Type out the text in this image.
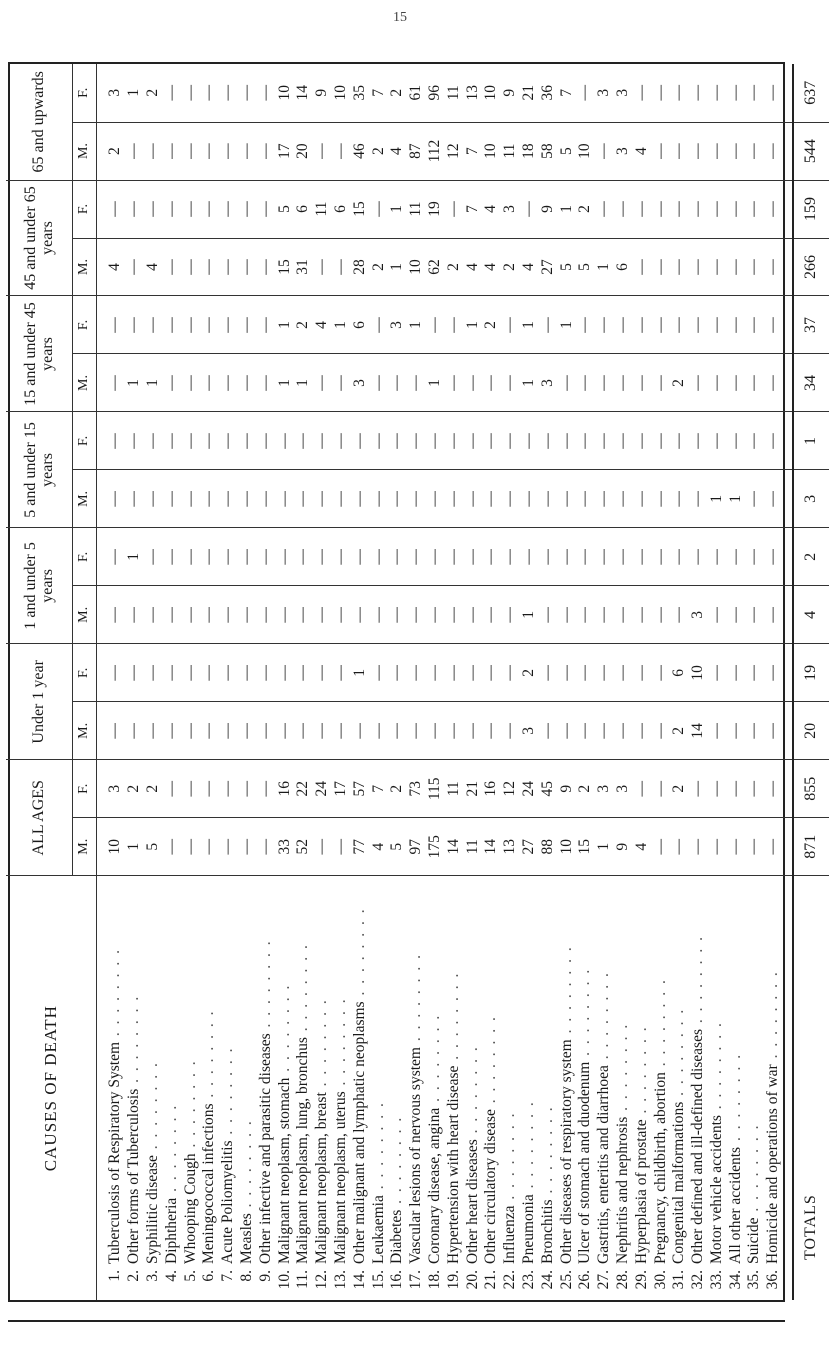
15
CAUSES OF DEATH	ALL AGES		Under 1 year		1 and under 5 years		5 and under 15 years		15 and under 45 years		45 and under 65 years		65 and upwards	
	M.	F.	M.	F.	M.	F.	M.	F.	M.	F.	M.	F.	M.	F.

1.Tuberculosis of Respiratory System . . . . . . . .	10	3	—	—	—	—	—	—	—	—	4	—	2	3
2.Other forms of Tuberculosis . . . . . . . .	1	2	—	—	—	1	—	—	1	—	—	—	—	1
3.Syphilitic disease . . . . . . . .	5	2	—	—	—	—	—	—	1	—	4	—	—	2
4.Diphtheria . . . . . . . .	—	—	—	—	—	—	—	—	—	—	—	—	—	—
5.Whooping Cough . . . . . . . .	—	—	—	—	—	—	—	—	—	—	—	—	—	—
6.Meningococcal infections . . . . . . . .	—	—	—	—	—	—	—	—	—	—	—	—	—	—
7.Acute Poliomyelitis . . . . . . . .	—	—	—	—	—	—	—	—	—	—	—	—	—	—
8.Measles . . . . . . . .	—	—	—	—	—	—	—	—	—	—	—	—	—	—
9.Other infective and parasitic diseases . . . . . . . .	—	—	—	—	—	—	—	—	—	—	—	—	—	—
10.Malignant neoplasm, stomach . . . . . . . .	33	16	—	—	—	—	—	—	1	1	15	5	17	10
11.Malignant neoplasm, lung, bronchus . . . . . . . .	52	22	—	—	—	—	—	—	1	2	31	6	20	14
12.Malignant neoplasm, breast . . . . . . . .	—	24	—	—	—	—	—	—	—	4	—	11	—	9
13.Malignant neoplasm, uterus . . . . . . . .	—	17	—	—	—	—	—	—	—	1	—	6	—	10
14.Other malignant and lymphatic neoplasms . . . . . . . .	77	57	—	1	—	—	—	—	3	6	28	15	46	35
15.Leukaemia . . . . . . . .	4	7	—	—	—	—	—	—	—	—	2	—	2	7
16.Diabetes . . . . . . . .	5	2	—	—	—	—	—	—	—	3	1	1	4	2
17.Vascular lesions of nervous system . . . . . . . .	97	73	—	—	—	—	—	—	—	1	10	11	87	61
18.Coronary disease, angina . . . . . . . .	175	115	—	—	—	—	—	—	1	—	62	19	112	96
19.Hypertension with heart disease . . . . . . . .	14	11	—	—	—	—	—	—	—	—	2	—	12	11
20.Other heart diseases . . . . . . . .	11	21	—	—	—	—	—	—	—	1	4	7	7	13
21.Other circulatory disease . . . . . . . .	14	16	—	—	—	—	—	—	—	2	4	4	10	10
22.Influenza . . . . . . . .	13	12	—	—	—	—	—	—	—	—	2	3	11	9
23.Pneumonia . . . . . . . .	27	24	3	2	1	—	—	—	1	1	4	—	18	21
24.Bronchitis . . . . . . . .	88	45	—	—	—	—	—	—	3	—	27	9	58	36
25.Other diseases of respiratory system . . . . . . . .	10	9	—	—	—	—	—	—	—	1	5	1	5	7
26.Ulcer of stomach and duodenum . . . . . . . .	15	2	—	—	—	—	—	—	—	—	5	2	10	—
27.Gastritis, enteritis and diarrhoea . . . . . . . .	1	3	—	—	—	—	—	—	—	—	1	—	—	3
28.Nephritis and nephrosis . . . . . . . .	9	3	—	—	—	—	—	—	—	—	6	—	3	3
29.Hyperplasia of prostate . . . . . . . .	4	—	—	—	—	—	—	—	—	—	—	—	4	—
30.Pregnancy, childbirth, abortion . . . . . . . .	—	—	—	—	—	—	—	—	—	—	—	—	—	—
31.Congenital malformations . . . . . . . .	—	2	2	6	—	—	—	—	2	—	—	—	—	—
32.Other defined and ill-defined diseases . . . . . . . .	—	—	14	10	3	—	—	—	—	—	—	—	—	—
33.Motor vehicle accidents . . . . . . . .	—	—	—	—	—	—	1	—	—	—	—	—	—	—
34.All other accidents . . . . . . . .	—	—	—	—	—	—	1	—	—	—	—	—	—	—
35.Suicide . . . . . . . .	—	—	—	—	—	—	—	—	—	—	—	—	—	—
36.Homicide and operations of war . . . . . . . .	—	—	—	—	—	—	—	—	—	—	—	—	—	—

TOTALS	871	855	20	19	4	2	3	1	34	37	266	159	544	637
